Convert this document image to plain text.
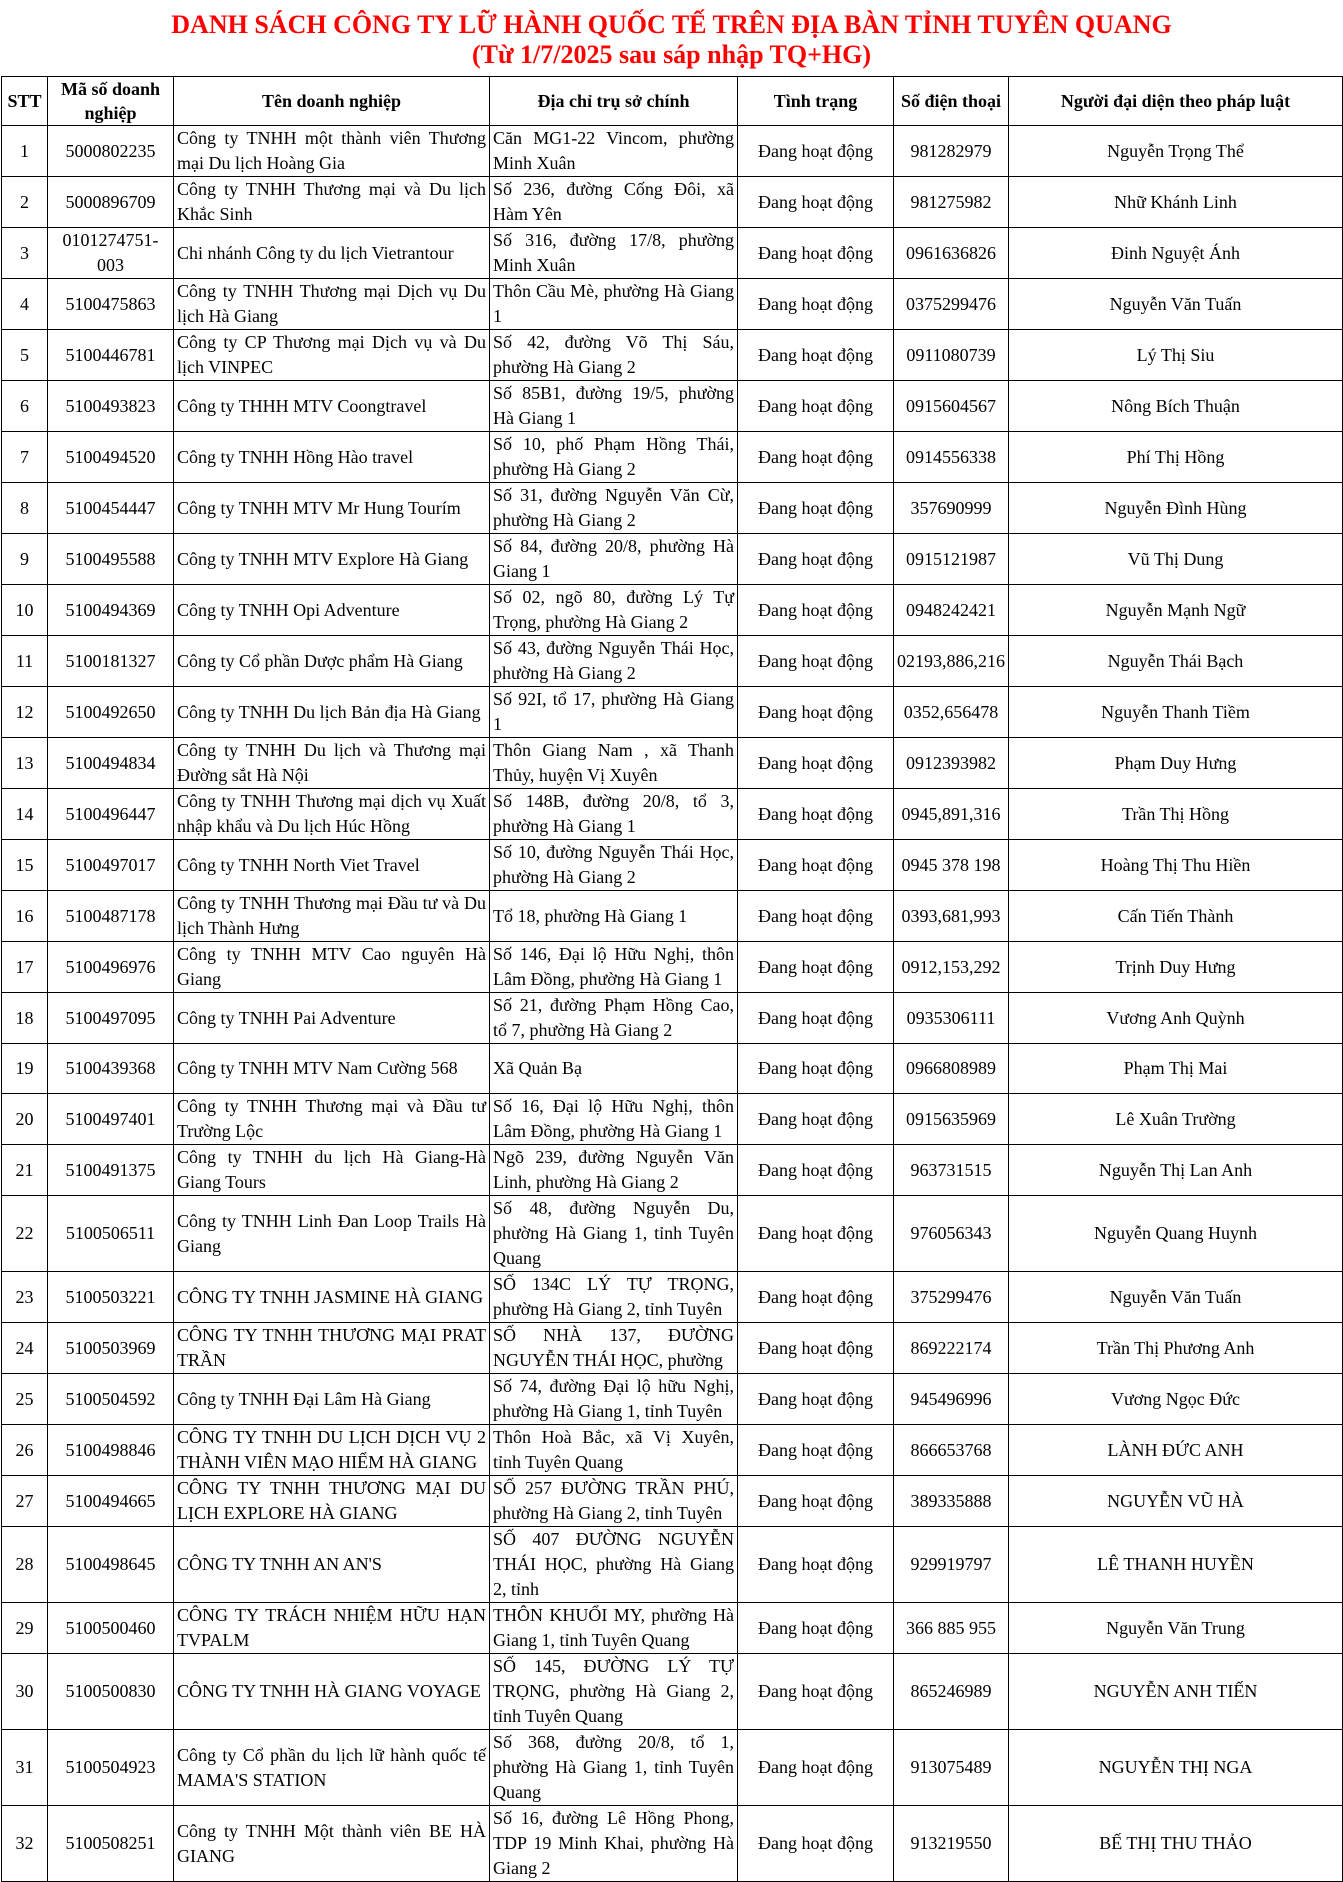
DANH SÁCH CÔNG TY LỮ HÀNH QUỐC TẾ TRÊN ĐỊA BÀN TỈNH TUYÊN QUANG
(Từ 1/7/2025 sau sáp nhập TQ+HG)
STT	Mã số doanh nghiệp	Tên doanh nghiệp	Địa chỉ trụ sở chính	Tình trạng	Số điện thoại	Người đại diện theo pháp luật
1	5000802235	Công ty TNHH một thành viên Thương mại Du lịch Hoàng Gia	Căn MG1-22 Vincom, phường Minh Xuân	Đang hoạt động	981282979	Nguyễn Trọng Thể
2	5000896709	Công ty TNHH Thương mại và Du lịch Khắc Sinh	Số 236, đường Cống Đôi, xã Hàm Yên	Đang hoạt động	981275982	Nhữ Khánh Linh
3	0101274751-003	Chi nhánh Công ty du lịch Vietrantour	Số 316, đường 17/8, phường Minh Xuân	Đang hoạt động	0961636826	Đinh Nguyệt Ánh
4	5100475863	Công ty TNHH Thương mại Dịch vụ Du lịch Hà Giang	Thôn Cầu Mè, phường Hà Giang 1	Đang hoạt động	0375299476	Nguyễn Văn Tuấn
5	5100446781	Công ty CP Thương mại Dịch vụ và Du lịch VINPEC	Số 42, đường Võ Thị Sáu, phường Hà Giang 2	Đang hoạt động	0911080739	Lý Thị Siu
6	5100493823	Công ty THHH MTV Coongtravel	Số 85B1, đường 19/5, phường Hà Giang 1	Đang hoạt động	0915604567	Nông Bích Thuận
7	5100494520	Công ty TNHH Hồng Hào travel	Số 10, phố Phạm Hồng Thái, phường Hà Giang 2	Đang hoạt động	0914556338	Phí Thị Hồng
8	5100454447	Công ty TNHH MTV Mr Hung Tourím	Số 31, đường Nguyễn Văn Cừ, phường Hà Giang 2	Đang hoạt động	357690999	Nguyễn Đình Hùng
9	5100495588	Công ty TNHH MTV Explore Hà Giang	Số 84, đường 20/8, phường Hà Giang 1	Đang hoạt động	0915121987	Vũ Thị Dung
10	5100494369	Công ty TNHH Opi Adventure	Số 02, ngõ 80, đường Lý Tự Trọng, phường Hà Giang 2	Đang hoạt động	0948242421	Nguyễn Mạnh Ngữ
11	5100181327	Công ty Cổ phần Dược phẩm Hà Giang	Số 43, đường Nguyễn Thái Học, phường Hà Giang 2	Đang hoạt động	02193,886,216	Nguyễn Thái Bạch
12	5100492650	Công ty TNHH Du lịch Bản địa Hà Giang	Số 92I, tổ 17, phường Hà Giang 1	Đang hoạt động	0352,656478	Nguyễn Thanh Tiềm
13	5100494834	Công ty TNHH Du lịch và Thương mại Đường sắt Hà Nội	Thôn Giang Nam , xã Thanh Thủy, huyện Vị Xuyên	Đang hoạt động	0912393982	Phạm Duy Hưng
14	5100496447	Công ty TNHH Thương mại dịch vụ Xuất nhập khẩu và Du lịch Húc Hồng	Số 148B, đường 20/8, tổ 3, phường Hà Giang 1	Đang hoạt động	0945,891,316	Trần Thị Hồng
15	5100497017	Công ty TNHH North Viet Travel	Số 10, đường Nguyễn Thái Học, phường Hà Giang 2	Đang hoạt động	0945 378 198	Hoàng Thị Thu Hiền
16	5100487178	Công ty TNHH Thương mại Đầu tư và Du lịch Thành Hưng	Tổ 18, phường Hà Giang 1	Đang hoạt động	0393,681,993	Cấn Tiến Thành
17	5100496976	Công ty TNHH MTV Cao nguyên Hà Giang	Số 146, Đại lộ Hữu Nghị, thôn Lâm Đồng, phường Hà Giang 1	Đang hoạt động	0912,153,292	Trịnh Duy Hưng
18	5100497095	Công ty TNHH Pai Adventure	Số 21, đường Phạm Hồng Cao, tổ 7, phường Hà Giang 2	Đang hoạt động	0935306111	Vương Anh Quỳnh
19	5100439368	Công ty TNHH MTV Nam Cường 568	Xã Quản Bạ	Đang hoạt động	0966808989	Phạm Thị Mai
20	5100497401	Công ty TNHH Thương mại và Đầu tư Trường Lộc	Số 16, Đại lộ Hữu Nghị, thôn Lâm Đồng, phường Hà Giang 1	Đang hoạt động	0915635969	Lê Xuân Trường
21	5100491375	Công ty TNHH du lịch Hà Giang-Hà Giang Tours	Ngõ 239, đường Nguyễn Văn Linh, phường Hà Giang 2	Đang hoạt động	963731515	Nguyễn Thị Lan Anh
22	5100506511	Công ty TNHH Linh Đan Loop Trails Hà Giang	Số 48, đường Nguyễn Du, phường Hà Giang 1, tỉnh Tuyên Quang	Đang hoạt động	976056343	Nguyễn Quang Huynh
23	5100503221	CÔNG TY TNHH JASMINE HÀ GIANG	SỐ 134C LÝ TỰ TRỌNG, phường Hà Giang 2, tỉnh Tuyên	Đang hoạt động	375299476	Nguyễn Văn Tuấn
24	5100503969	CÔNG TY TNHH THƯƠNG MẠI PRAT TRẦN	SỐ NHÀ 137, ĐƯỜNG NGUYỄN THÁI HỌC, phường	Đang hoạt động	869222174	Trần Thị Phương Anh
25	5100504592	Công ty TNHH Đại Lâm Hà Giang	Số 74, đường Đại lộ hữu Nghị, phường Hà Giang 1, tỉnh Tuyên	Đang hoạt động	945496996	Vương Ngọc Đức
26	5100498846	CÔNG TY TNHH DU LỊCH DỊCH VỤ 2 THÀNH VIÊN MẠO HIỂM HÀ GIANG	Thôn Hoà Bắc, xã Vị Xuyên, tỉnh Tuyên Quang	Đang hoạt động	866653768	LÀNH ĐỨC ANH
27	5100494665	CÔNG TY TNHH THƯƠNG MẠI DU LỊCH EXPLORE HÀ GIANG	SỐ 257 ĐƯỜNG TRẦN PHÚ, phường Hà Giang 2, tỉnh Tuyên	Đang hoạt động	389335888	NGUYỄN VŨ HÀ
28	5100498645	CÔNG TY TNHH AN AN'S	SỐ 407 ĐƯỜNG NGUYỄN THÁI HỌC, phường Hà Giang 2, tỉnh	Đang hoạt động	929919797	LÊ THANH HUYỀN
29	5100500460	CÔNG TY TRÁCH NHIỆM HỮU HẠN TVPALM	THÔN KHUỔI MY, phường Hà Giang 1, tỉnh Tuyên Quang	Đang hoạt động	366 885 955	Nguyễn Văn Trung
30	5100500830	CÔNG TY TNHH HÀ GIANG VOYAGE	SỐ 145, ĐƯỜNG LÝ TỰ TRỌNG, phường Hà Giang 2, tỉnh Tuyên Quang	Đang hoạt động	865246989	NGUYỄN ANH TIẾN
31	5100504923	Công ty Cổ phần du lịch lữ hành quốc tế MAMA'S STATION	Số 368, đường 20/8, tổ 1, phường Hà Giang 1, tỉnh Tuyên Quang	Đang hoạt động	913075489	NGUYỄN THỊ NGA
32	5100508251	Công ty TNHH Một thành viên BE HÀ GIANG	Số 16, đường Lê Hồng Phong, TDP 19 Minh Khai, phường Hà Giang 2	Đang hoạt động	913219550	BẾ THỊ THU THẢO
